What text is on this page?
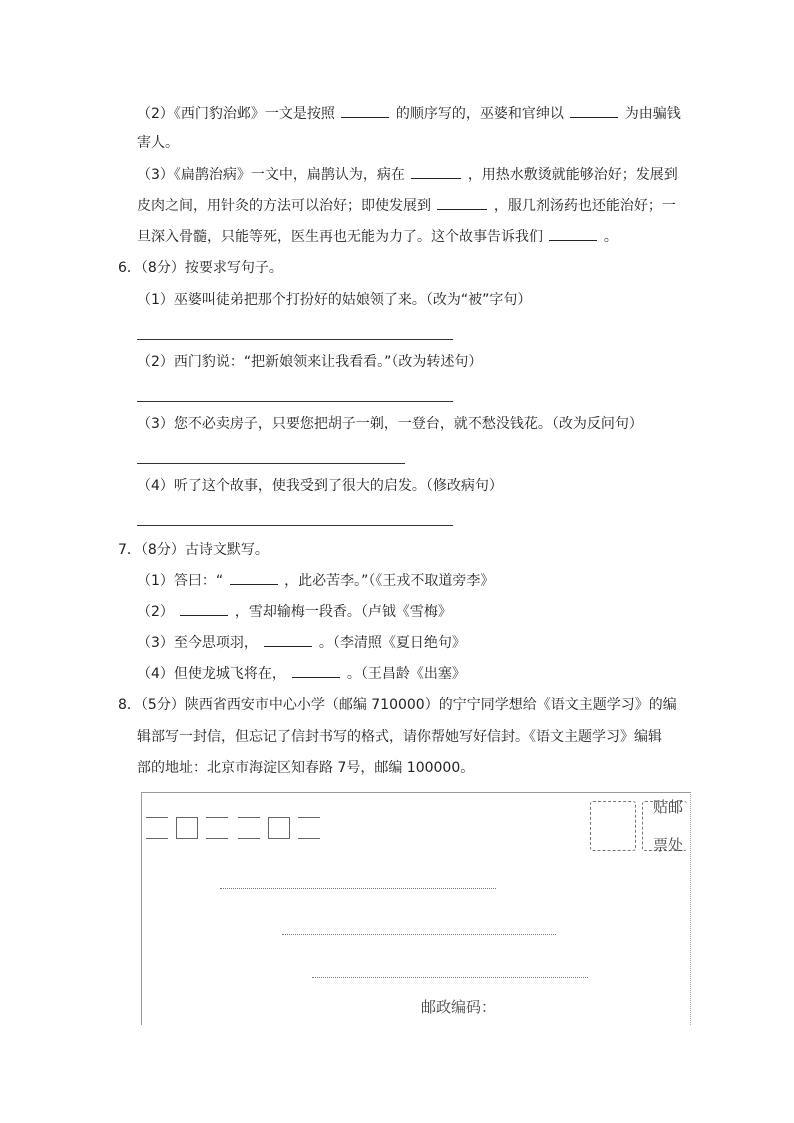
（2）《西门豹治邺》一文是按照	的顺序写的，巫婆和官绅以	为由骗钱
害人。
（3）《扁鹊治病》一文中，扁鹊认为，病在	，用热水敷烫就能够治好；发展到
皮肉之间，用针灸的方法可以治好；即使发展到	，服几剂汤药也还能治好；一
旦深入骨髓，只能等死，医生再也无能为力了。这个故事告诉我们	。
6．（8分）按要求写句子。
（1）巫婆叫徒弟把那个打扮好的姑娘领了来。（改为“被”字句）
（2）西门豹说：“把新娘领来让我看看。”（改为转述句）
（3）您不必卖房子，只要您把胡子一剃，一登台，就不愁没钱花。（改为反问句）
（4）听了这个故事，使我受到了很大的启发。（修改病句）
7．（8分）古诗文默写。
（1）答曰：“	，此必苦李。”（《王戎不取道旁李》
（2）	，雪却输梅一段香。（卢钺《雪梅》
（3）至今思项羽，	。（李清照《夏日绝句》
（4）但使龙城飞将在，	。（王昌龄《出塞》
8．（5分）陕西省西安市中心小学（邮编 710000）的宁宁同学想给《语文主题学习》的编
辑部写一封信，但忘记了信封书写的格式，请你帮她写好信封。《语文主题学习》编辑
部的地址：北京市海淀区知春路 7号，邮编 100000。
贴邮
票处
邮政编码：
